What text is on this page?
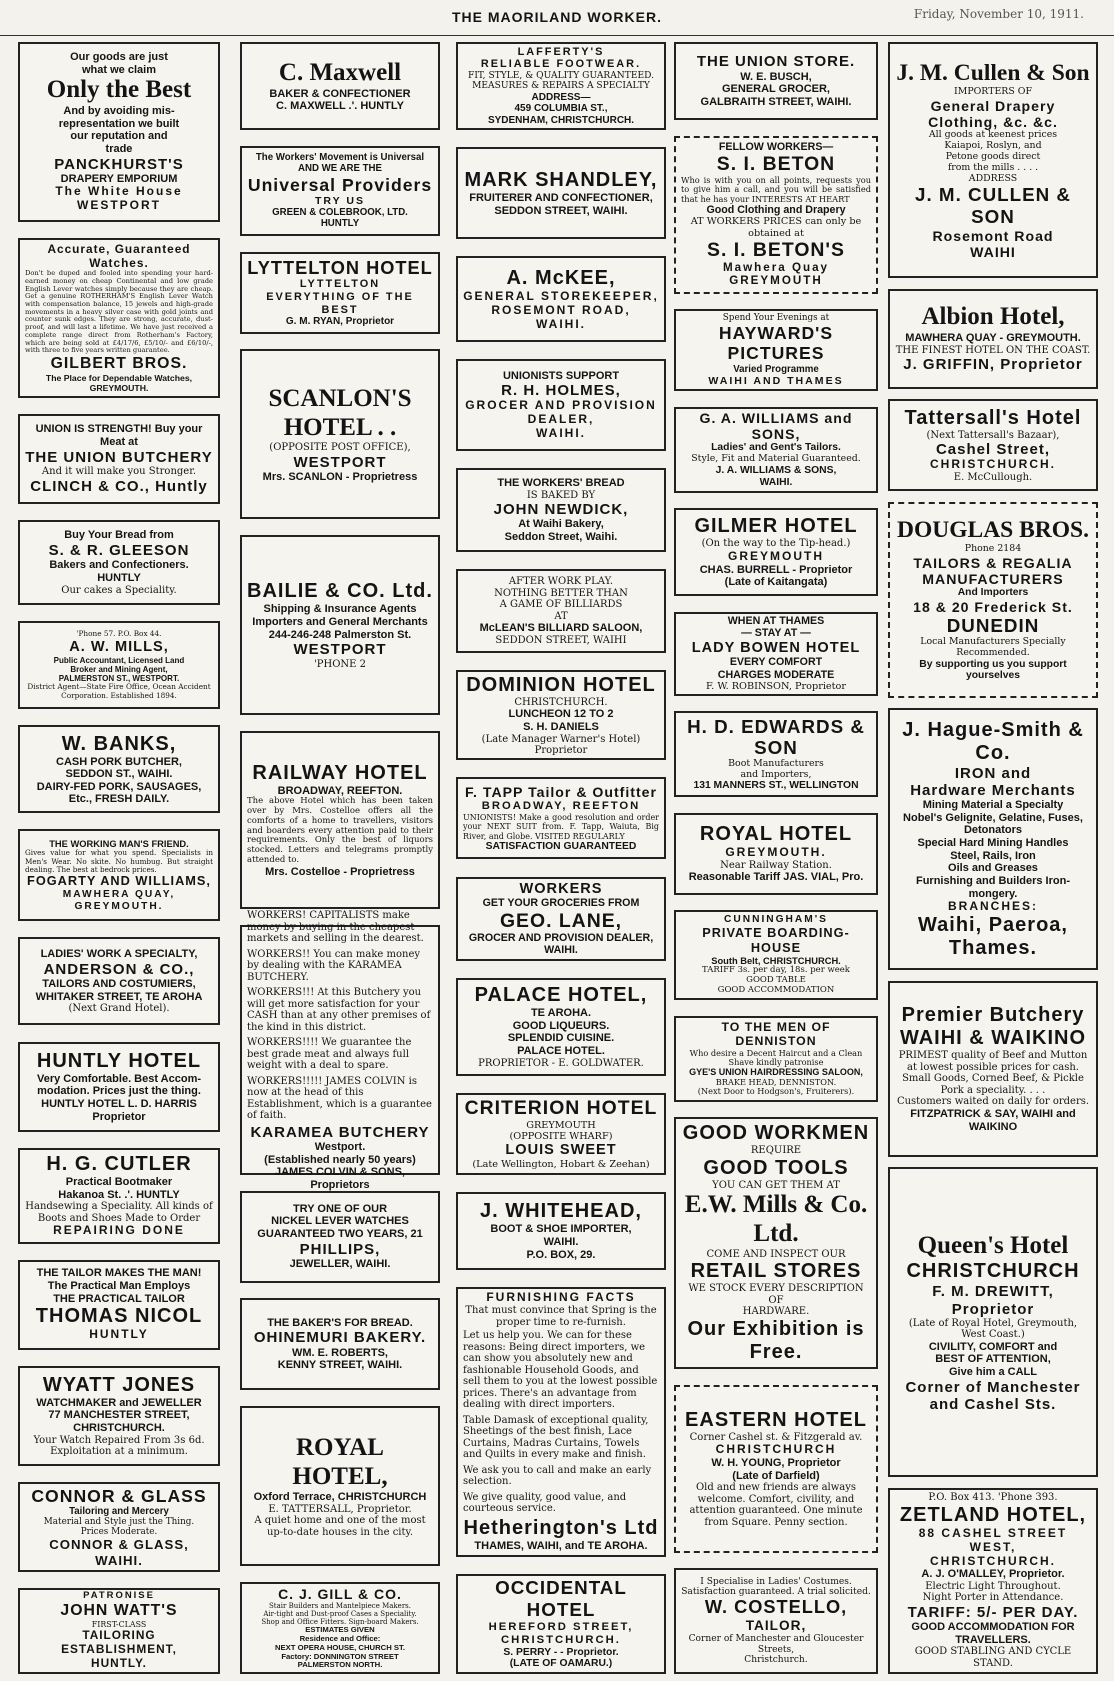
THE MAORILAND WORKER.	Friday, November 10, 1911.
Our goods are just
what we claim
Only the Best
And by avoiding mis-
representation we built
our reputation and
trade
PANCKHURST'S
DRAPERY EMPORIUM
The White House
WESTPORT
Accurate, Guaranteed Watches.
Don't be duped and fooled into spending your hard-earned money on cheap Continental and low grade English Lever watches simply because they are cheap. Get a genuine ROTHERHAM'S English Lever Watch with compensation balance, 15 jewels and high-grade movements in a heavy silver case with gold joints and counter sunk edges. They are strong, accurate, dust-proof, and will last a lifetime. We have just received a complete range direct from Rotherham's Factory, which are being sold at £4/17/6, £5/10/- and £6/10/-, with three to five years written guarantee.
GILBERT BROS.
The Place for Dependable Watches,
GREYMOUTH.
UNION IS STRENGTH! Buy your Meat at
THE UNION BUTCHERY
And it will make you Stronger.
CLINCH & CO., Huntly
Buy Your Bread from
S. & R. GLEESON
Bakers and Confectioners.
HUNTLY
Our cakes a Speciality.
'Phone 57. P.O. Box 44.
A. W. MILLS,
Public Accountant, Licensed Land
Broker and Mining Agent,
PALMERSTON ST., WESTPORT.
District Agent—State Fire Office, Ocean Accident
Corporation. Established 1894.
W. BANKS,
CASH PORK BUTCHER,
SEDDON ST., WAIHI.
DAIRY-FED PORK, SAUSAGES,
Etc., FRESH DAILY.
THE WORKING MAN'S FRIEND.
Gives value for what you spend. Specialists in Men's Wear. No skite. No humbug. But straight dealing. The best at bedrock prices.
FOGARTY AND WILLIAMS,
MAWHERA QUAY,
GREYMOUTH.
LADIES' WORK A SPECIALTY,
ANDERSON & CO.,
TAILORS AND COSTUMIERS,
WHITAKER STREET, TE AROHA
(Next Grand Hotel).
HUNTLY HOTEL
Very Comfortable. Best Accom-
modation. Prices just the thing.
HUNTLY HOTEL L. D. HARRIS
Proprietor
H. G. CUTLER
Practical Bootmaker
Hakanoa St. .'. HUNTLY
Handsewing a Speciality. All kinds of
Boots and Shoes Made to Order
REPAIRING DONE
THE TAILOR MAKES THE MAN!
The Practical Man Employs
THE PRACTICAL TAILOR
THOMAS NICOL
HUNTLY
WYATT JONES
WATCHMAKER and JEWELLER
77 MANCHESTER STREET,
CHRISTCHURCH.
Your Watch Repaired From 3s 6d.
Exploitation at a minimum.
CONNOR & GLASS
Tailoring and Mercery
Material and Style just the Thing.
Prices Moderate.
CONNOR & GLASS,
WAIHI.
PATRONISE
JOHN WATT'S
FIRST-CLASS
TAILORING ESTABLISHMENT,
HUNTLY.
C. Maxwell
BAKER & CONFECTIONER
C. MAXWELL .'. HUNTLY
The Workers' Movement is Universal
AND WE ARE THE
Universal Providers
TRY US
GREEN & COLEBROOK, LTD.
HUNTLY
LYTTELTON HOTEL
LYTTELTON
EVERYTHING OF THE BEST
G. M. RYAN, Proprietor
SCANLON'S
HOTEL . .
(OPPOSITE POST OFFICE),
WESTPORT
Mrs. SCANLON - Proprietress
BAILIE & CO. Ltd.
Shipping & Insurance Agents
Importers and General Merchants
244-246-248 Palmerston St.
WESTPORT
'PHONE 2
RAILWAY HOTEL
BROADWAY, REEFTON.
The above Hotel which has been taken over by Mrs. Costelloe offers all the comforts of a home to travellers, visitors and boarders every attention paid to their requirements. Only the best of liquors stocked. Letters and telegrams promptly attended to.
Mrs. Costelloe - Proprietress
WORKERS! CAPITALISTS make money by buying in the cheapest markets and selling in the dearest.
WORKERS!! You can make money by dealing with the KARAMEA BUTCHERY.
WORKERS!!! At this Butchery you will get more satisfaction for your CASH than at any other premises of the kind in this district.
WORKERS!!!! We guarantee the best grade meat and always full weight with a deal to spare.
WORKERS!!!!! JAMES COLVIN is now at the head of this Establishment, which is a guarantee of faith.
KARAMEA BUTCHERY
Westport.
(Established nearly 50 years)
JAMES COLVIN & SONS, Proprietors
TRY ONE OF OUR
NICKEL LEVER WATCHES
GUARANTEED TWO YEARS, 21
PHILLIPS,
JEWELLER, WAIHI.
THE BAKER'S FOR BREAD.
OHINEMURI BAKERY.
WM. E. ROBERTS,
KENNY STREET, WAIHI.
ROYAL
HOTEL,
Oxford Terrace, CHRISTCHURCH
E. TATTERSALL, Proprietor.
A quiet home and one of the most up-to-date houses in the city.
C. J. GILL & CO.
Stair Builders and Mantelpiece Makers.
Air-tight and Dust-proof Cases a Speciality.
Shop and Office Fitters. Sign-board Makers.
ESTIMATES GIVEN
Residence and Office:
NEXT OPERA HOUSE, CHURCH ST.
Factory: DONNINGTON STREET
PALMERSTON NORTH.
LAFFERTY'S
RELIABLE FOOTWEAR.
FIT, STYLE, & QUALITY GUARANTEED.
MEASURES & REPAIRS A SPECIALTY
ADDRESS—
459 COLUMBIA ST.,
SYDENHAM, CHRISTCHURCH.
MARK SHANDLEY,
FRUITERER AND CONFECTIONER,
SEDDON STREET, WAIHI.
A. McKEE,
GENERAL STOREKEEPER,
ROSEMONT ROAD,
WAIHI.
UNIONISTS SUPPORT
R. H. HOLMES,
GROCER AND PROVISION
DEALER,
WAIHI.
THE WORKERS' BREAD
IS BAKED BY
JOHN NEWDICK,
At Waihi Bakery,
Seddon Street, Waihi.
AFTER WORK PLAY.
NOTHING BETTER THAN
A GAME OF BILLIARDS
AT
McLEAN'S BILLIARD SALOON,
SEDDON STREET, WAIHI
DOMINION HOTEL
CHRISTCHURCH.
LUNCHEON 12 TO 2
S. H. DANIELS
(Late Manager Warner's Hotel)
Proprietor
F. TAPP Tailor & Outfitter
BROADWAY, REEFTON
UNIONISTS! Make a good resolution and order your NEXT SUIT from. F. Tapp, Waiuta, Big River, and Globe. VISITED REGULARLY
SATISFACTION GUARANTEED
WORKERS
GET YOUR GROCERIES FROM
GEO. LANE,
GROCER AND PROVISION DEALER,
WAIHI.
PALACE HOTEL,
TE AROHA.
GOOD LIQUEURS.
SPLENDID CUISINE.
PALACE HOTEL.
PROPRIETOR - E. GOLDWATER.
CRITERION HOTEL
GREYMOUTH
(OPPOSITE WHARF)
LOUIS SWEET
(Late Wellington, Hobart & Zeehan)
J. WHITEHEAD,
BOOT & SHOE IMPORTER,
WAIHI.
P.O. BOX, 29.
FURNISHING FACTS
That must convince that Spring is the proper time to re-furnish.
Let us help you. We can for these reasons: Being direct importers, we can show you absolutely new and fashionable Household Goods, and sell them to you at the lowest possible prices. There's an advantage from dealing with direct importers.
Table Damask of exceptional quality, Sheetings of the best finish, Lace Curtains, Madras Curtains, Towels and Quilts in every make and finish.
We ask you to call and make an early selection.
We give quality, good value, and courteous service.
Hetherington's Ltd
THAMES, WAIHI, and TE AROHA.
OCCIDENTAL HOTEL
HEREFORD STREET,
CHRISTCHURCH.
S. PERRY - - Proprietor.
(LATE OF OAMARU.)
THE UNION STORE.
W. E. BUSCH,
GENERAL GROCER,
GALBRAITH STREET, WAIHI.
FELLOW WORKERS—
S. I. BETON
Who is with you on all points, requests you to give him a call, and you will be satisfied that he has your INTERESTS AT HEART
Good Clothing and Drapery
AT WORKERS PRICES can only be obtained at
S. I. BETON'S
Mawhera Quay
GREYMOUTH
Spend Your Evenings at
HAYWARD'S PICTURES
Varied Programme
WAIHI AND THAMES
G. A. WILLIAMS and SONS,
Ladies' and Gent's Tailors.
Style, Fit and Material Guaranteed.
J. A. WILLIAMS & SONS,
WAIHI.
GILMER HOTEL
(On the way to the Tip-head.)
GREYMOUTH
CHAS. BURRELL - Proprietor
(Late of Kaitangata)
WHEN AT THAMES
— STAY AT —
LADY BOWEN HOTEL
EVERY COMFORT
CHARGES MODERATE
F. W. ROBINSON, Proprietor
H. D. EDWARDS & SON
Boot Manufacturers
and Importers,
131 MANNERS ST., WELLINGTON
ROYAL HOTEL
GREYMOUTH.
Near Railway Station.
Reasonable Tariff JAS. VIAL, Pro.
CUNNINGHAM'S
PRIVATE BOARDING-HOUSE
South Belt, CHRISTCHURCH.
TARIFF 3s. per day, 18s. per week
GOOD TABLE
GOOD ACCOMMODATION
TO THE MEN OF DENNISTON
Who desire a Decent Haircut and a Clean Shave kindly patronise
GYE'S UNION HAIRDRESSING SALOON,
BRAKE HEAD, DENNISTON.
(Next Door to Hodgson's, Fruiterers).
GOOD WORKMEN
REQUIRE
GOOD TOOLS
YOU CAN GET THEM AT
E.W. Mills & Co. Ltd.
COME AND INSPECT OUR
RETAIL STORES
WE STOCK EVERY DESCRIPTION OF
HARDWARE.
Our Exhibition is Free.
EASTERN HOTEL
Corner Cashel st. & Fitzgerald av.
CHRISTCHURCH
W. H. YOUNG, Proprietor
(Late of Darfield)
Old and new friends are always welcome. Comfort, civility, and attention guaranteed. One minute from Square. Penny section.
I Specialise in Ladies' Costumes.
Satisfaction guaranteed. A trial solicited.
W. COSTELLO,
TAILOR,
Corner of Manchester and Gloucester Streets,
Christchurch.
J. M. Cullen & Son
IMPORTERS OF
General Drapery
Clothing, &c. &c.
All goods at keenest prices
Kaiapoi, Roslyn, and
Petone goods direct
from the mills . . . .
ADDRESS
J. M. CULLEN & SON
Rosemont Road
WAIHI
Albion Hotel,
MAWHERA QUAY - GREYMOUTH.
THE FINEST HOTEL ON THE COAST.
J. GRIFFIN, Proprietor
Tattersall's Hotel
(Next Tattersall's Bazaar),
Cashel Street,
CHRISTCHURCH.
E. McCullough.
DOUGLAS BROS.
Phone 2184
TAILORS & REGALIA
MANUFACTURERS
And Importers
18 & 20 Frederick St.
DUNEDIN
Local Manufacturers Specially
Recommended.
By supporting us you support yourselves
J. Hague-Smith & Co.
IRON and
Hardware Merchants
Mining Material a Specialty
Nobel's Gelignite, Gelatine, Fuses,
Detonators
Special Hard Mining Handles
Steel, Rails, Iron
Oils and Greases
Furnishing and Builders Iron-
mongery.
BRANCHES:
Waihi, Paeroa, Thames.
Premier Butchery WAIHI & WAIKINO
PRIMEST quality of Beef and Mutton at lowest possible prices for cash. Small Goods, Corned Beef, & Pickle Pork a speciality. . . .
Customers waited on daily for orders.
FITZPATRICK & SAY, WAIHI and WAIKINO
Queen's Hotel
CHRISTCHURCH
F. M. DREWITT, Proprietor
(Late of Royal Hotel, Greymouth,
West Coast.)
CIVILITY, COMFORT and
BEST OF ATTENTION,
Give him a CALL
Corner of Manchester
and Cashel Sts.
P.O. Box 413. 'Phone 393.
ZETLAND HOTEL,
88 CASHEL STREET WEST,
CHRISTCHURCH.
A. J. O'MALLEY, Proprietor.
Electric Light Throughout.
Night Porter in Attendance.
TARIFF: 5/- PER DAY.
GOOD ACCOMMODATION FOR
TRAVELLERS.
GOOD STABLING AND CYCLE STAND.
